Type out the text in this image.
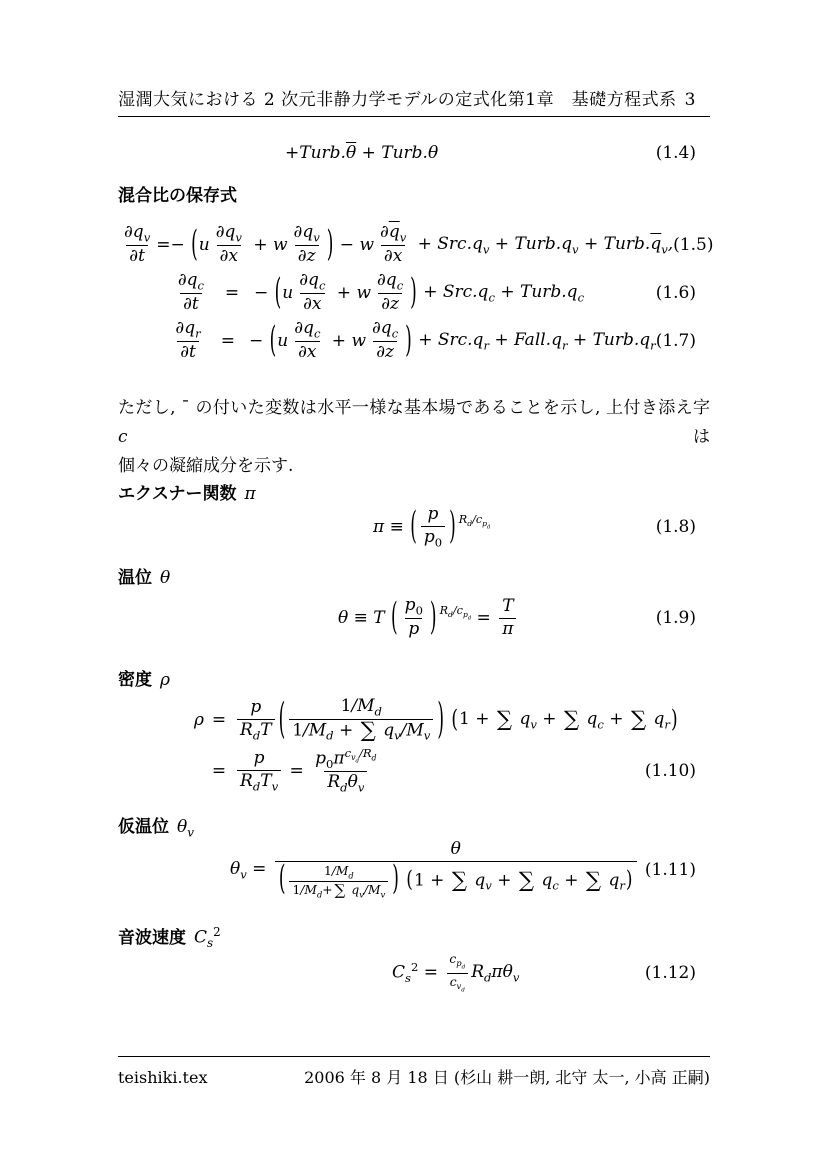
湿潤大気における 2 次元非静力学モデルの定式化第1章　基礎方程式系 3
$+Turb.\overline{\theta}$ + Turb.θ	(1.4)
混合比の保存式
$\frac{\partial q_v}{\partial t}$ = − ( u $\frac{\partial q_v}{\partial x} + w \frac{\partial q_v}{\partial z}$ ) − w $\frac{\partial\overline{q}_v}{\partial x} + Src.q_v$ + $Turb.q_v$ + $Turb.\overline{q}_v$, (1.5)
$\frac{\partial q_c}{\partial t}$	= − ( u $\frac{\partial q_c}{\partial x} + w \frac{\partial q_c}{\partial z}$ ) + $Src.q_c$ + $Turb.q_c$	(1.6)
$\frac{\partial q_r}{\partial t}$	= − ( u $\frac{\partial q_c}{\partial x} + w \frac{\partial q_c}{\partial z}$ ) + $Src.q_r$ + $Fall.q_r$ + $Turb.q_r$ (1.7)

ただし, ¯ の付いた変数は水平一様な基本場であることを示し, 上付き添え字 c は
個々の凝縮成分を示す.

エクスナー関数 π
π ≡ ( $\frac{p}{p_0}$ ) $^{R_d/c_{p_d}}$	(1.8)
温位 θ
θ ≡ T ( $\frac{p_0}{p}$ ) $^{R_d/c_{p_d}} = \frac{T}{\pi}$	(1.9)
密度 ρ
$\rho = \frac{p}{R_dT}$ ( $\frac{1/M_d}{1/M_d + \sum q_v/M_v}$ )
( 1 + ∑ $q_v$ + ∑ $q_c$ + ∑ $q_r$ )
= $\frac{p}{R_dT_v} = \frac{p_0\pi^{c_{v_d}/R_d}}{R_d\theta_v}$	(1.10)
仮温位 $\theta_v$
$\theta_v = \theta$
( $\frac{1/M_d}{1/M_d+ \sum q_v/M_v}$ )
( 1 + ∑ $q_v$ + ∑ $q_c$ + ∑ $q_r$ ) (1.11)
音波速度 $C_s^2$
$C_s^2 = \frac{c_{p_d}}{c_{v_d}} R_d\pi\theta_v$	(1.12)
teishiki.tex	2006 年 8 月 18 日 (杉山 耕一朗, 北守 太一, 小高 正嗣)
